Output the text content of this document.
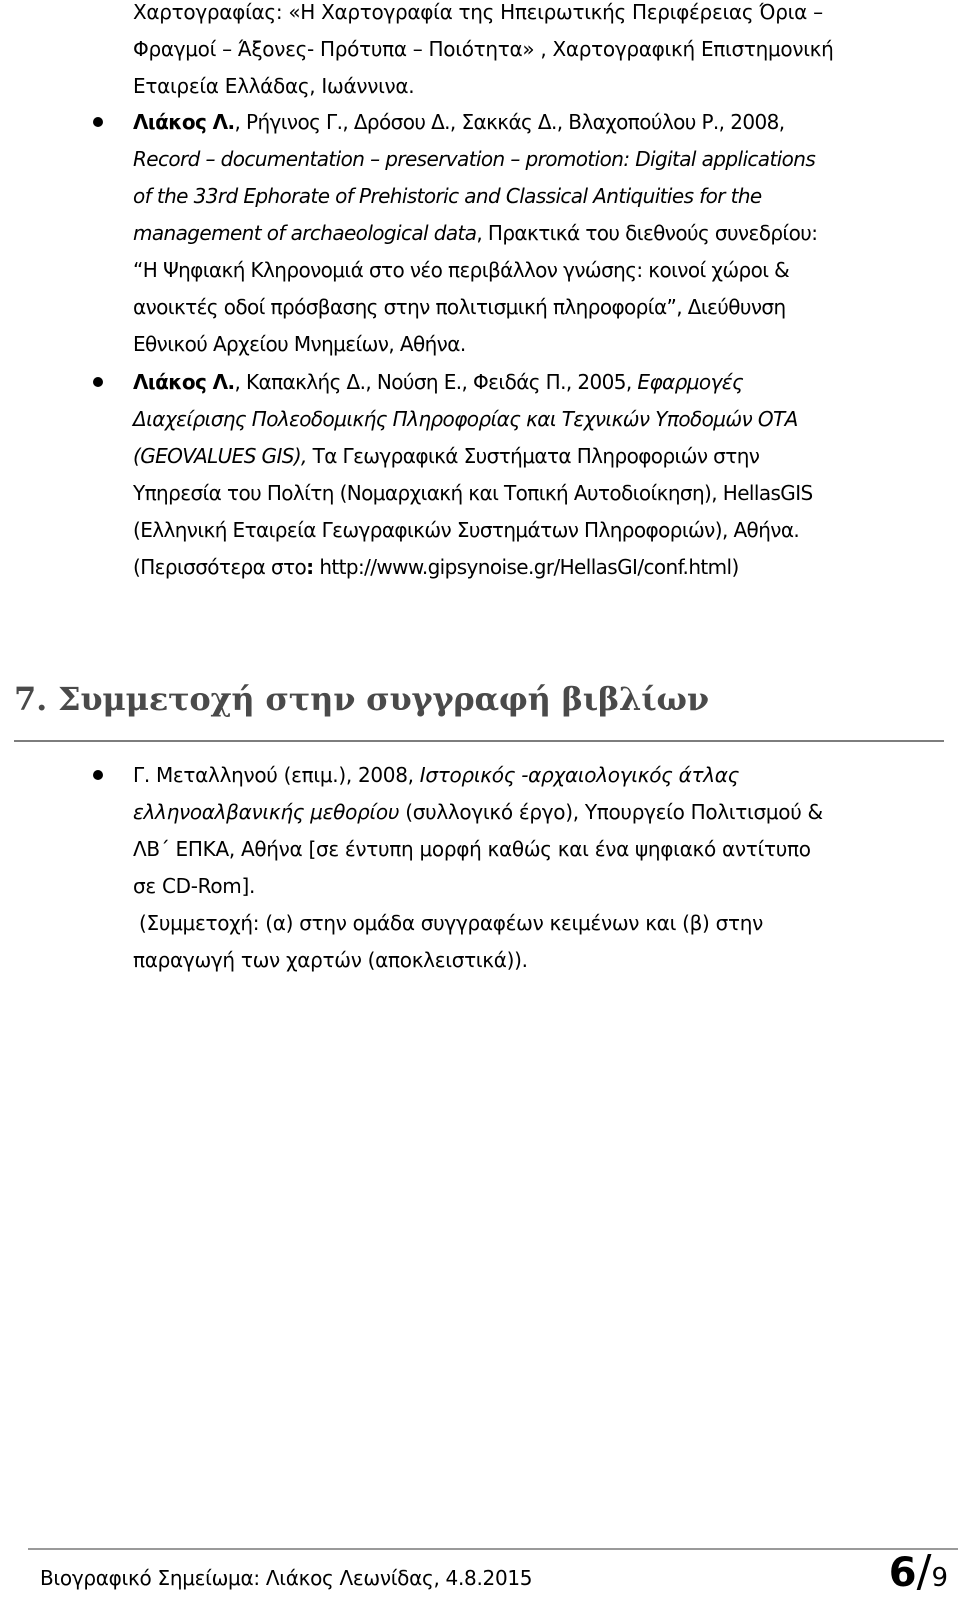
Χαρτογραφίας: «Η Χαρτογραφία της Ηπειρωτικής Περιφέρειας Όρια –
Φραγμοί – Άξονες- Πρότυπα – Ποιότητα» , Χαρτογραφική Επιστημονική
Εταιρεία Ελλάδας, Ιωάννινα.
Λιάκος Λ., Ρήγινος Γ., Δρόσου Δ., Σακκάς Δ., Βλαχοπούλου Ρ., 2008,
Record – documentation – preservation – promotion: Digital applications
of the 33rd Ephorate of Prehistoric and Classical Antiquities for the
management of archaeological data, Πρακτικά του διεθνούς συνεδρίου:
“Η Ψηφιακή Κληρονομιά στο νέο περιβάλλον γνώσης: κοινοί χώροι &
ανοικτές οδοί πρόσβασης στην πολιτισμική πληροφορία”, Διεύθυνση
Εθνικού Αρχείου Μνημείων, Αθήνα.
Λιάκος Λ., Καπακλής Δ., Νούση Ε., Φειδάς Π., 2005, Εφαρμογές
Διαχείρισης Πολεοδομικής Πληροφορίας και Τεχνικών Υποδομών ΟΤΑ
(GEOVALUES GIS), Τα Γεωγραφικά Συστήματα Πληροφοριών στην
Υπηρεσία του Πολίτη (Νομαρχιακή και Τοπική Αυτοδιοίκηση), HellasGIS
(Ελληνική Εταιρεία Γεωγραφικών Συστημάτων Πληροφοριών), Αθήνα.
(Περισσότερα στο: http://www.gipsynoise.gr/HellasGI/conf.html)
7. Συμμετοχή στην συγγραφή βιβλίων
Γ. Μεταλληνού (επιμ.), 2008, Ιστορικός -αρχαιολογικός άτλας
ελληνοαλβανικής μεθορίου (συλλογικό έργο), Υπουργείο Πολιτισμού &
ΛΒ΄ ΕΠΚΑ, Αθήνα [σε έντυπη μορφή καθώς και ένα ψηφιακό αντίτυπο
σε CD-Rom].
(Συμμετοχή: (α) στην ομάδα συγγραφέων κειμένων και (β) στην
παραγωγή των χαρτών (αποκλειστικά)).
Βιογραφικό Σημείωμα: Λιάκος Λεωνίδας, 4.8.2015	6/9
